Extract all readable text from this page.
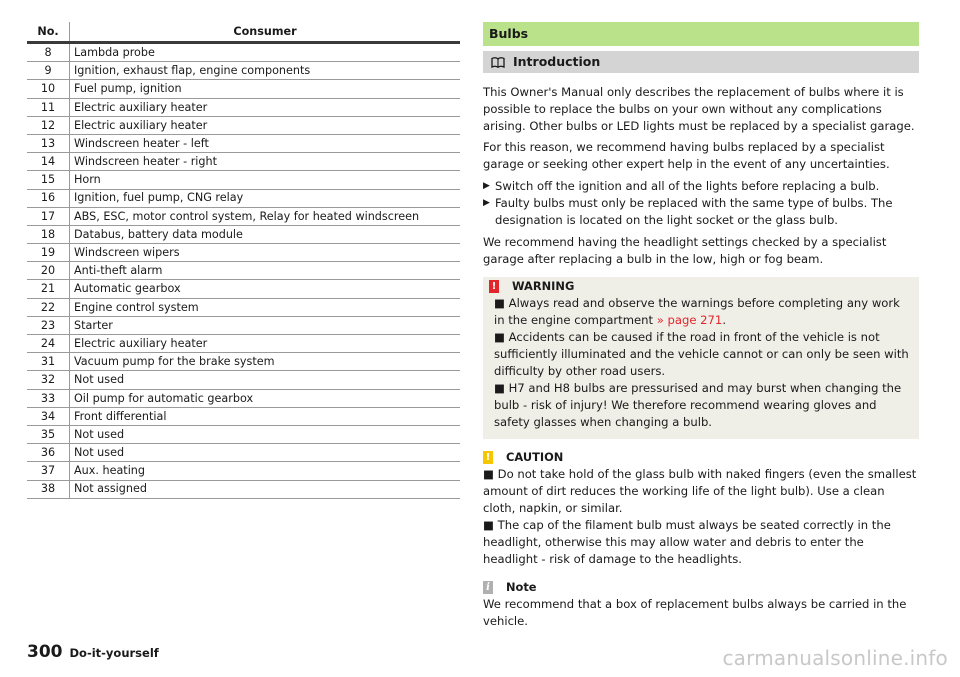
No.	Consumer
8	Lambda probe
9	Ignition, exhaust flap, engine components
10	Fuel pump, ignition
11	Electric auxiliary heater
12	Electric auxiliary heater
13	Windscreen heater - left
14	Windscreen heater - right
15	Horn
16	Ignition, fuel pump, CNG relay
17	ABS, ESC, motor control system, Relay for heated windscreen
18	Databus, battery data module
19	Windscreen wipers
20	Anti-theft alarm
21	Automatic gearbox
22	Engine control system
23	Starter
24	Electric auxiliary heater
31	Vacuum pump for the brake system
32	Not used
33	Oil pump for automatic gearbox
34	Front differential
35	Not used
36	Not used
37	Aux. heating
38	Not assigned
Bulbs
Introduction

This Owner's Manual only describes the replacement of bulbs where it is possible to replace the bulbs on your own without any complications arising. Other bulbs or LED lights must be replaced by a specialist garage.

For this reason, we recommend having bulbs replaced by a specialist garage or seeking other expert help in the event of any uncertainties.

▶ Switch off the ignition and all of the lights before replacing a bulb.
▶ Faulty bulbs must only be replaced with the same type of bulbs. The designation is located on the light socket or the glass bulb.

We recommend having the headlight settings checked by a specialist garage after replacing a bulb in the low, high or fog beam.

! WARNING

■ Always read and observe the warnings before completing any work in the engine compartment » page 271.

■ Accidents can be caused if the road in front of the vehicle is not sufficiently illuminated and the vehicle cannot or can only be seen with difficulty by other road users.

■ H7 and H8 bulbs are pressurised and may burst when changing the bulb - risk of injury! We therefore recommend wearing gloves and safety glasses when changing a bulb.

! CAUTION

■ Do not take hold of the glass bulb with naked fingers (even the smallest amount of dirt reduces the working life of the light bulb). Use a clean cloth, napkin, or similar.

■ The cap of the filament bulb must always be seated correctly in the headlight, otherwise this may allow water and debris to enter the headlight - risk of damage to the headlights.

i Note

We recommend that a box of replacement bulbs always be carried in the vehicle.

300 Do-it-yourself	carmanualsonline.info
